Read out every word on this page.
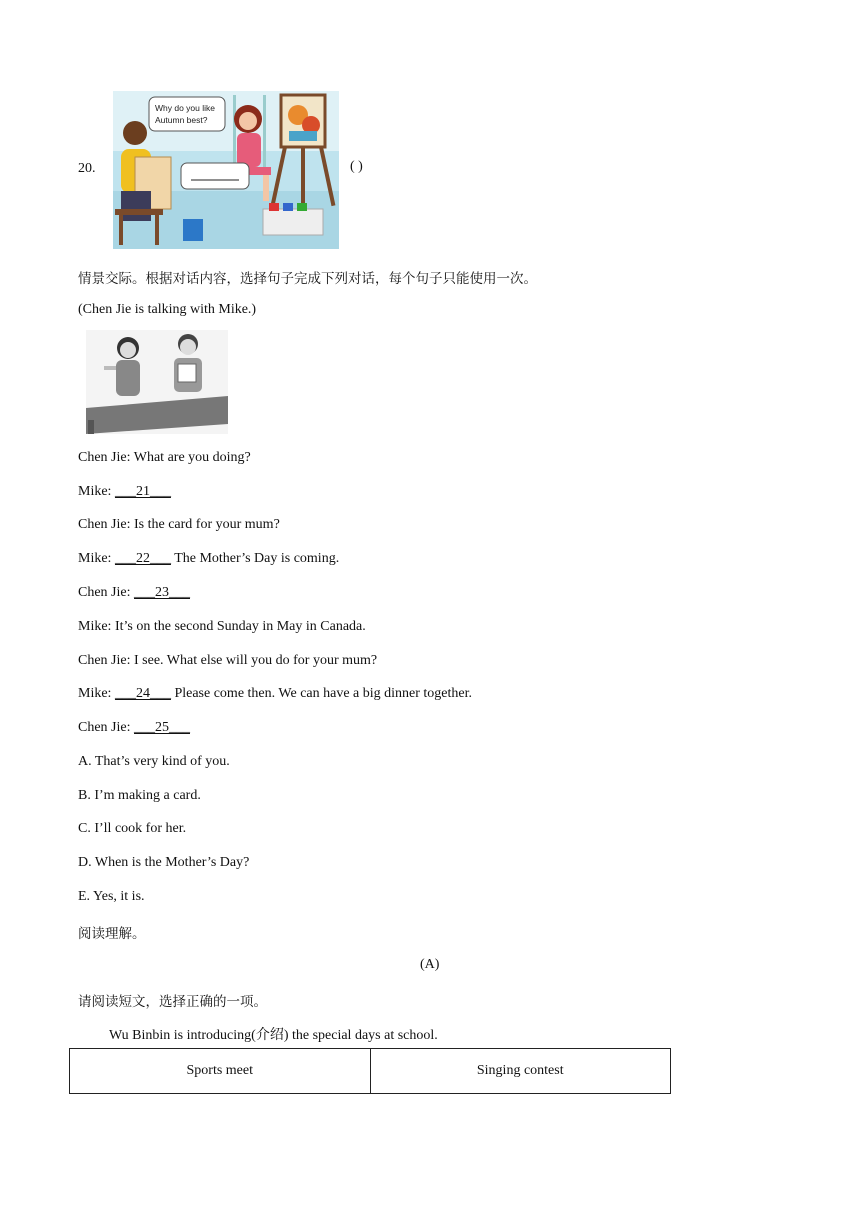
20.
Why do you like
Autumn best?
( )
情景交际。根据对话内容，选择句子完成下列对话，每个句子只能使用一次。
(Chen Jie is talking with Mike.)
Chen Jie: What are you doing?
Mike: ___21___
Chen Jie: Is the card for your mum?
Mike: ___22___ The Mother’s Day is coming.
Chen Jie: ___23___
Mike: It’s on the second Sunday in May in Canada.
Chen Jie: I see. What else will you do for your mum?
Mike: ___24___ Please come then. We can have a big dinner together.
Chen Jie: ___25___
A. That’s very kind of you.
B. I’m making a card.
C. I’ll cook for her.
D. When is the Mother’s Day?
E. Yes, it is.
阅读理解。
(A)
请阅读短文，选择正确的一项。
Wu Binbin is introducing(介绍) the special days at school.
Sports meet	Singing contest
